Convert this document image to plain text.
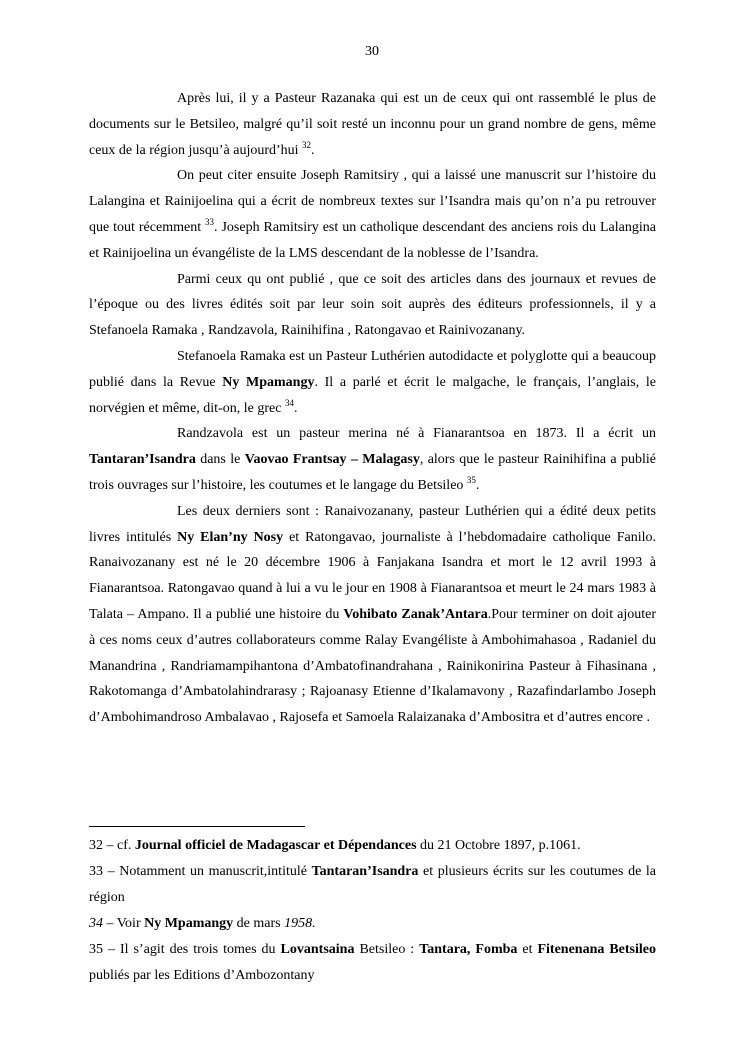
30

Après lui, il y a Pasteur Razanaka qui est un de ceux qui ont rassemblé le plus de documents sur le Betsileo, malgré qu’il soit resté un inconnu pour un grand nombre de gens, même ceux de la région jusqu’à aujourd’hui $^{32}$.

On peut citer ensuite Joseph Ramitsiry , qui a laissé une manuscrit sur l’histoire du Lalangina et Rainijoelina qui a écrit de nombreux textes sur l’Isandra mais qu’on n’a pu retrouver que tout récemment $^{33}$. Joseph Ramitsiry est un catholique descendant des anciens rois du Lalangina et Rainijoelina un évangéliste de la LMS descendant de la noblesse de l’Isandra.

Parmi ceux qu ont publié , que ce soit des articles dans des journaux et revues de l’époque ou des livres édités soit par leur soin soit auprès des éditeurs professionnels, il y a Stefanoela Ramaka , Randzavola, Rainihifina , Ratongavao et Rainivozanany.

Stefanoela Ramaka est un Pasteur Luthérien autodidacte et polyglotte qui a beaucoup publié dans la Revue Ny Mpamangy. Il a parlé et écrit le malgache, le français, l’anglais, le norvégien et même, dit-on, le grec $^{34}$.

Randzavola est un pasteur merina né à Fianarantsoa en 1873. Il a écrit un Tantaran’Isandra dans le Vaovao Frantsay – Malagasy, alors que le pasteur Rainihifina a publié trois ouvrages sur l’histoire, les coutumes et le langage du Betsileo $^{35}$.

Les deux derniers sont : Ranaivozanany, pasteur Luthérien qui a édité deux petits livres intitulés Ny Elan’ny Nosy et Ratongavao, journaliste à l’hebdomadaire catholique Fanilo. Ranaivozanany est né le 20 décembre 1906 à Fanjakana Isandra et mort le 12 avril 1993 à Fianarantsoa. Ratongavao quand à lui a vu le jour en 1908 à Fianarantsoa et meurt le 24 mars 1983 à Talata – Ampano. Il a publié une histoire du Vohibato Zanak’Antara.Pour terminer on doit ajouter à ces noms ceux d’autres collaborateurs comme Ralay Evangéliste à Ambohimahasoa , Radaniel du Manandrina , Randriamampihantona d’Ambatofinandrahana , Rainikonirina Pasteur à Fihasinana , Rakotomanga d’Ambatolahindrarasy ; Rajoanasy Etienne d’Ikalamavony , Razafindarlambo Joseph d’Ambohimandroso Ambalavao , Rajosefa et Samoela Ralaizanaka d’Ambositra et d’autres encore .

32 – cf. Journal officiel de Madagascar et Dépendances du 21 Octobre 1897, p.1061.

33 – Notamment un manuscrit,intitulé Tantaran’Isandra et plusieurs écrits sur les coutumes de la région

34 – Voir Ny Mpamangy de mars 1958.

35 – Il s’agit des trois tomes du Lovantsaina Betsileo : Tantara, Fomba et Fitenenana Betsileo publiés par les Editions d’Ambozontany
